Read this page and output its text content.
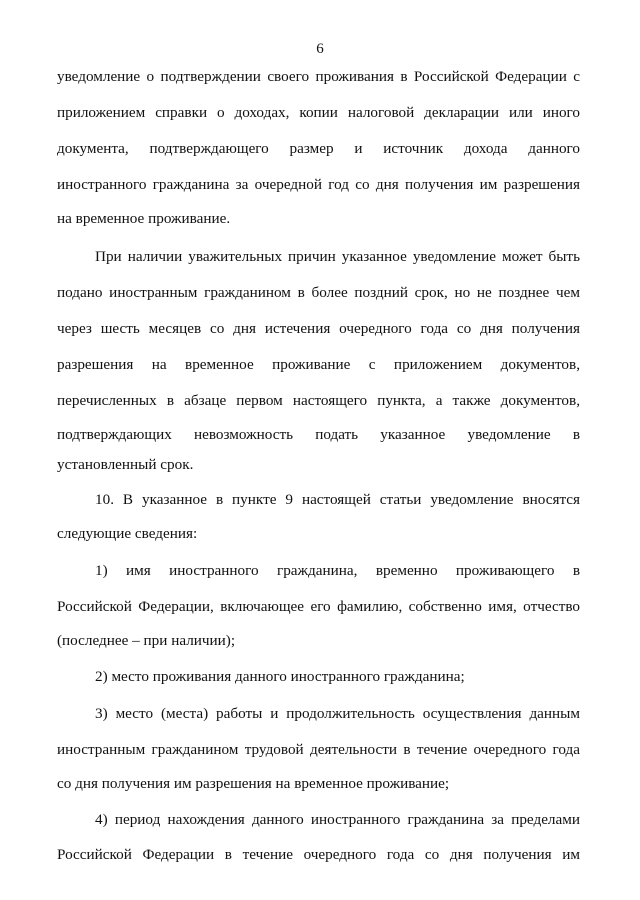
6
уведомление о подтверждении своего проживания в Российской Федерации с
приложением справки о доходах, копии налоговой декларации или иного
документа, подтверждающего размер и источник дохода данного
иностранного гражданина за очередной год со дня получения им разрешения
на временное проживание.
При наличии уважительных причин указанное уведомление может быть
подано иностранным гражданином в более поздний срок, но не позднее чем
через шесть месяцев со дня истечения очередного года со дня получения
разрешения на временное проживание с приложением документов,
перечисленных в абзаце первом настоящего пункта, а также документов,
подтверждающих невозможность подать указанное уведомление в
установленный срок.
10. В указанное в пункте 9 настоящей статьи уведомление вносятся
следующие сведения:
1) имя иностранного гражданина, временно проживающего в
Российской Федерации, включающее его фамилию, собственно имя, отчество
(последнее – при наличии);
2) место проживания данного иностранного гражданина;
3) место (места) работы и продолжительность осуществления данным
иностранным гражданином трудовой деятельности в течение очередного года
со дня получения им разрешения на временное проживание;
4) период нахождения данного иностранного гражданина за пределами
Российской Федерации в течение очередного года со дня получения им
